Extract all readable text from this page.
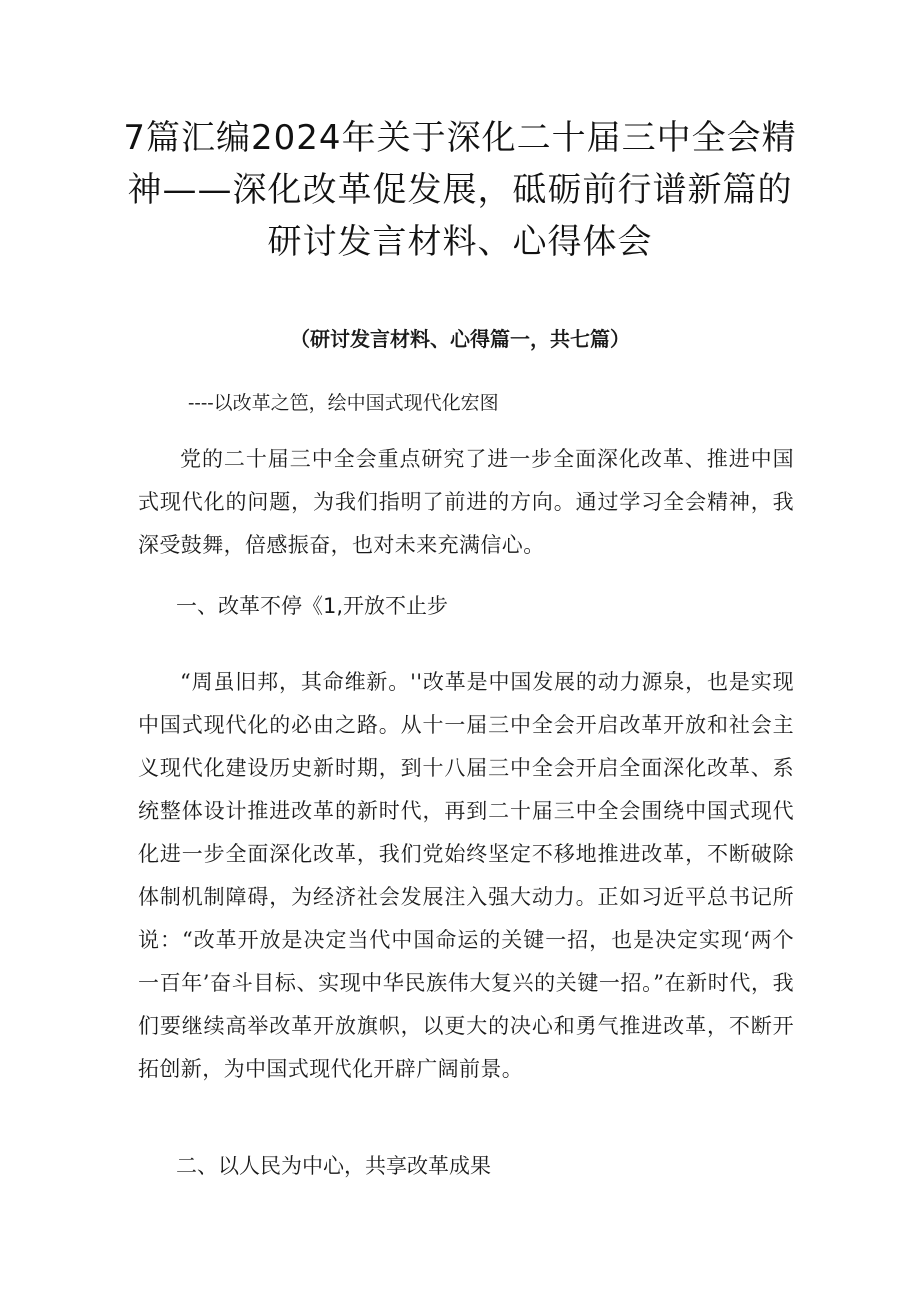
7篇汇编2024年关于深化二十届三中全会精神——深化改革促发展，砥砺前行谱新篇的研讨发言材料、心得体会

（研讨发言材料、心得篇一，共七篇）

----以改革之笆，绘中国式现代化宏图

党的二十届三中全会重点研究了进一步全面深化改革、推进中国式现代化的问题，为我们指明了前进的方向。通过学习全会精神，我深受鼓舞，倍感振奋，也对未来充满信心。

一、改革不停《1,开放不止步

“周虽旧邦，其命维新。''改革是中国发展的动力源泉，也是实现中国式现代化的必由之路。从十一届三中全会开启改革开放和社会主义现代化建设历史新时期，到十八届三中全会开启全面深化改革、系统整体设计推进改革的新时代，再到二十届三中全会围绕中国式现代化进一步全面深化改革，我们党始终坚定不移地推进改革，不断破除体制机制障碍，为经济社会发展注入强大动力。正如习近平总书记所说：“改革开放是决定当代中国命运的关键一招，也是决定实现‘两个一百年’奋斗目标、实现中华民族伟大复兴的关键一招。”在新时代，我们要继续高举改革开放旗帜，以更大的决心和勇气推进改革，不断开拓创新，为中国式现代化开辟广阔前景。

二、以人民为中心，共享改革成果
